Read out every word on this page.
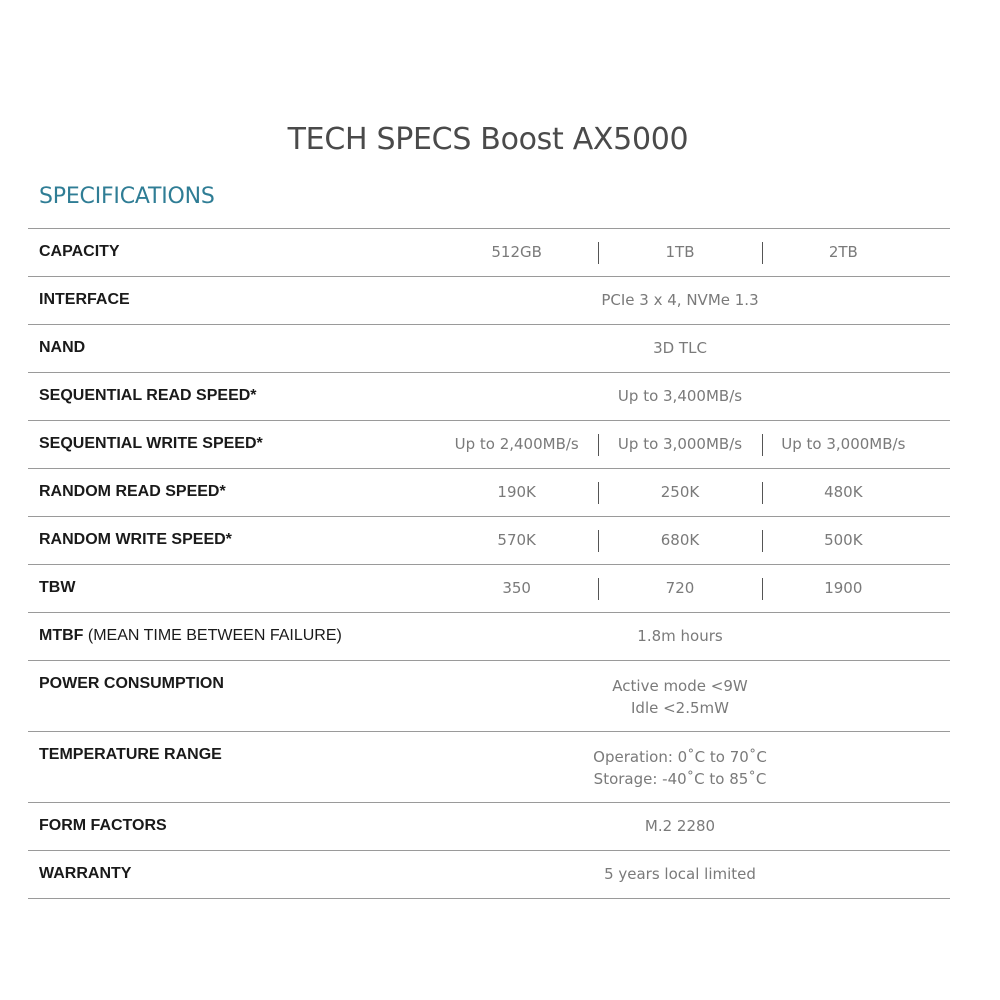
TECH SPECS Boost AX5000
SPECIFICATIONS
CAPACITY	512GB	1TB	2TB
INTERFACE	PCIe 3 x 4, NVMe 1.3
NAND	3D TLC
SEQUENTIAL READ SPEED*	Up to 3,400MB/s
SEQUENTIAL WRITE SPEED*	Up to 2,400MB/s	Up to 3,000MB/s	Up to 3,000MB/s
RANDOM READ SPEED*	190K	250K	480K
RANDOM WRITE SPEED*	570K	680K	500K
TBW	350	720	1900
MTBF (MEAN TIME BETWEEN FAILURE)	1.8m hours
POWER CONSUMPTION	Active mode <9W
Idle <2.5mW
TEMPERATURE RANGE	Operation: 0˚C to 70˚C
Storage: -40˚C to 85˚C
FORM FACTORS	M.2 2280
WARRANTY	5 years local limited
